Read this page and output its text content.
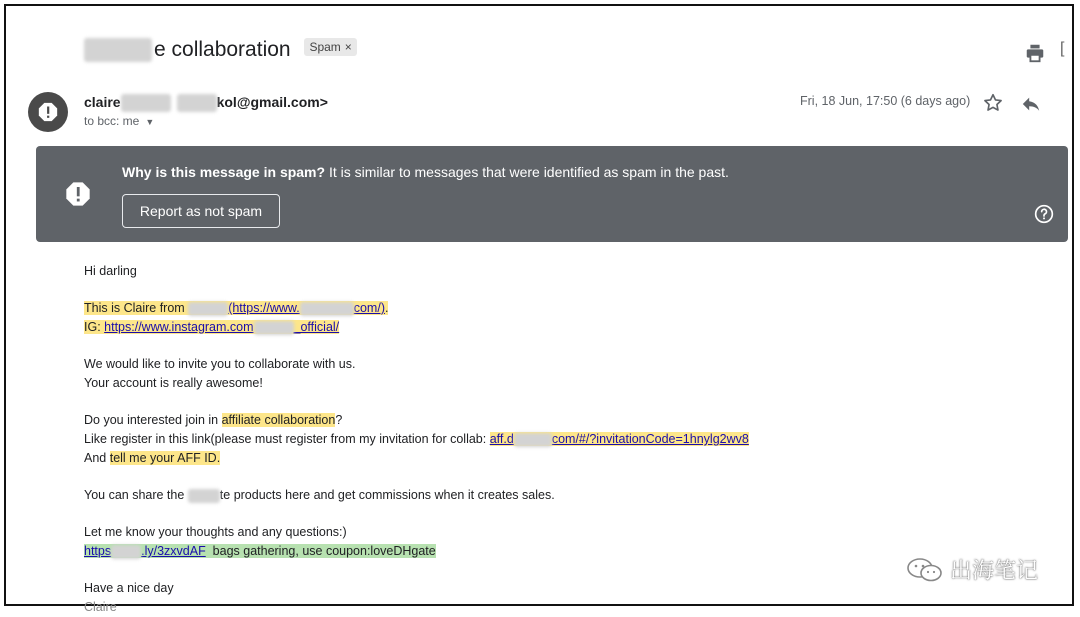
e collaboration Spam ×	[
claire	kol@gmail.com>
to bcc: me ▼
Fri, 18 Jun, 17:50 (6 days ago)
Why is this message in spam? It is similar to messages that were identified as spam in the past.
Report as not spam

Hi darling

This is Claire from	(https://www.	com/).

IG: https://www.instagram.com	_official/

We would like to invite you to collaborate with us.

Your account is really awesome!

Do you interested join in affiliate collaboration?

Like register in this link(please must register from my invitation for collab: aff.d	com/#/?invitationCode=1hnylg2wv8

And tell me your AFF ID.

You can share the	te products here and get commissions when it creates sales.

Let me know your thoughts and any questions:)

https .ly/3zxvdAF  bags gathering, use coupon:loveDHgate

Have a nice day

Claire

出海笔记
